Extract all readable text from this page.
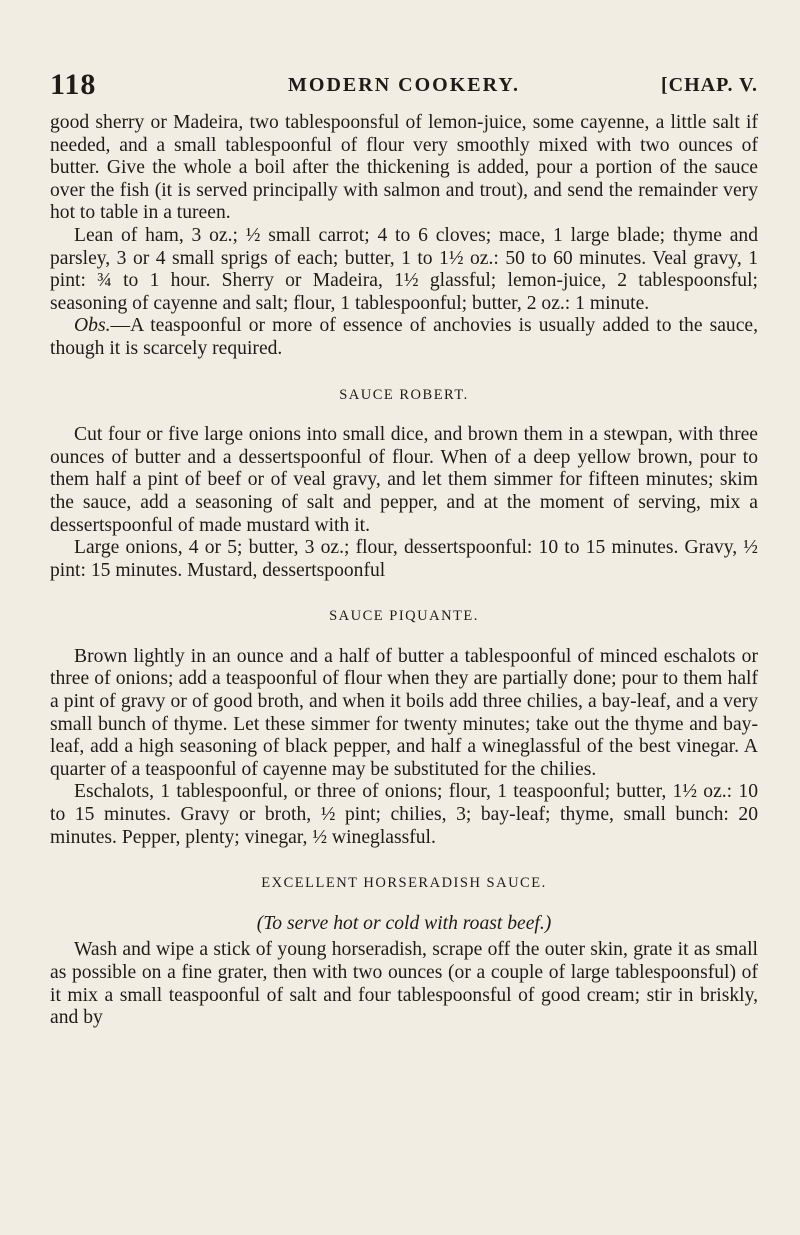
118	MODERN COOKERY.	[CHAP. V.

good sherry or Madeira, two tablespoonsful of lemon-juice, some cayenne, a little salt if needed, and a small tablespoonful of flour very smoothly mixed with two ounces of butter. Give the whole a boil after the thickening is added, pour a portion of the sauce over the fish (it is served principally with salmon and trout), and send the remainder very hot to table in a tureen.

Lean of ham, 3 oz.; ½ small carrot; 4 to 6 cloves; mace, 1 large blade; thyme and parsley, 3 or 4 small sprigs of each; butter, 1 to 1½ oz.: 50 to 60 minutes. Veal gravy, 1 pint: ¾ to 1 hour. Sherry or Madeira, 1½ glassful; lemon-juice, 2 tablespoonsful; seasoning of cayenne and salt; flour, 1 tablespoonful; butter, 2 oz.: 1 minute.

Obs.—A teaspoonful or more of essence of anchovies is usually added to the sauce, though it is scarcely required.

SAUCE ROBERT.

Cut four or five large onions into small dice, and brown them in a stewpan, with three ounces of butter and a dessertspoonful of flour. When of a deep yellow brown, pour to them half a pint of beef or of veal gravy, and let them simmer for fifteen minutes; skim the sauce, add a seasoning of salt and pepper, and at the moment of serving, mix a dessertspoonful of made mustard with it.

Large onions, 4 or 5; butter, 3 oz.; flour, dessertspoonful: 10 to 15 minutes. Gravy, ½ pint: 15 minutes. Mustard, dessertspoonful

SAUCE PIQUANTE.

Brown lightly in an ounce and a half of butter a tablespoonful of minced eschalots or three of onions; add a teaspoonful of flour when they are partially done; pour to them half a pint of gravy or of good broth, and when it boils add three chilies, a bay-leaf, and a very small bunch of thyme. Let these simmer for twenty minutes; take out the thyme and bay-leaf, add a high seasoning of black pepper, and half a wineglassful of the best vinegar. A quarter of a teaspoonful of cayenne may be substituted for the chilies.

Eschalots, 1 tablespoonful, or three of onions; flour, 1 teaspoonful; butter, 1½ oz.: 10 to 15 minutes. Gravy or broth, ½ pint; chilies, 3; bay-leaf; thyme, small bunch: 20 minutes. Pepper, plenty; vinegar, ½ wineglassful.

EXCELLENT HORSERADISH SAUCE.
(To serve hot or cold with roast beef.)

Wash and wipe a stick of young horseradish, scrape off the outer skin, grate it as small as possible on a fine grater, then with two ounces (or a couple of large tablespoonsful) of it mix a small teaspoonful of salt and four tablespoonsful of good cream; stir in briskly, and by
